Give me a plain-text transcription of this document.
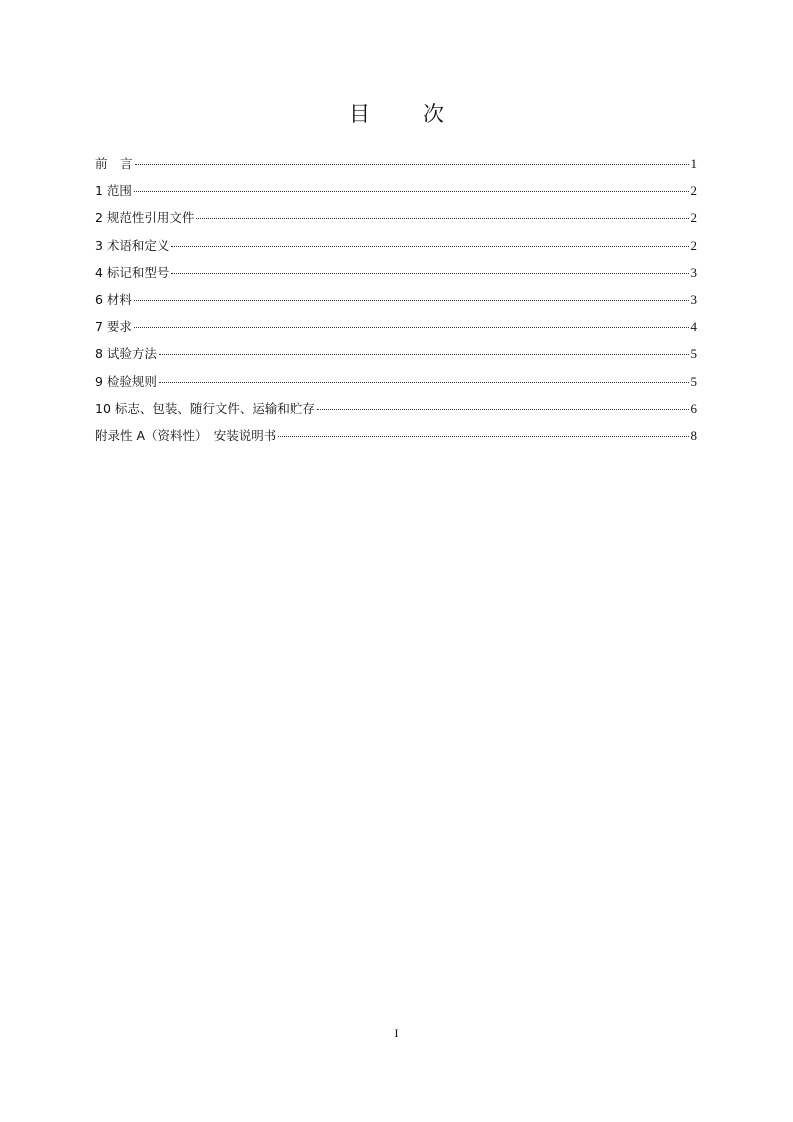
目　次
前　言	1
1 范围	2
2 规范性引用文件	2
3 术语和定义	2
4 标记和型号	3
6 材料	3
7 要求	4
8 试验方法	5
9 检验规则	5
10 标志、包装、随行文件、运输和贮存	6
附录性 A（资料性）　安装说明书	8
I
